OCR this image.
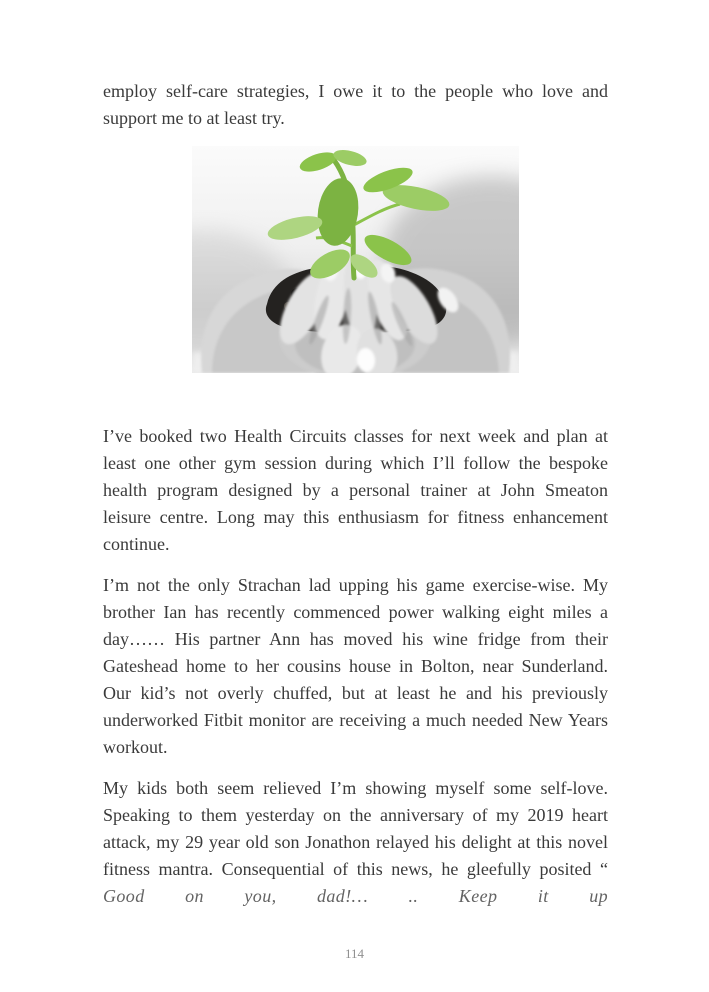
employ self-care strategies, I owe it to the people who love and support me to at least try.

I’ve booked two Health Circuits classes for next week and plan at least one other gym session during which I’ll follow the bespoke health program designed by a personal trainer at John Smeaton leisure centre. Long may this enthusiasm for fitness enhancement continue.

I’m not the only Strachan lad upping his game exercise-wise. My brother Ian has recently commenced power walking eight miles a day…… His partner Ann has moved his wine fridge from their Gateshead home to her cousins house in Bolton, near Sunderland. Our kid’s not overly chuffed, but at least he and his previously underworked Fitbit monitor are receiving a much needed New Years workout.

My kids both seem relieved I’m showing myself some self-love. Speaking to them yesterday on the anniversary of my 2019 heart attack, my 29 year old son Jonathon relayed his delight at this novel fitness mantra. Consequential of this news, he gleefully posited “ Good on you, dad!… .. Keep it up

114
